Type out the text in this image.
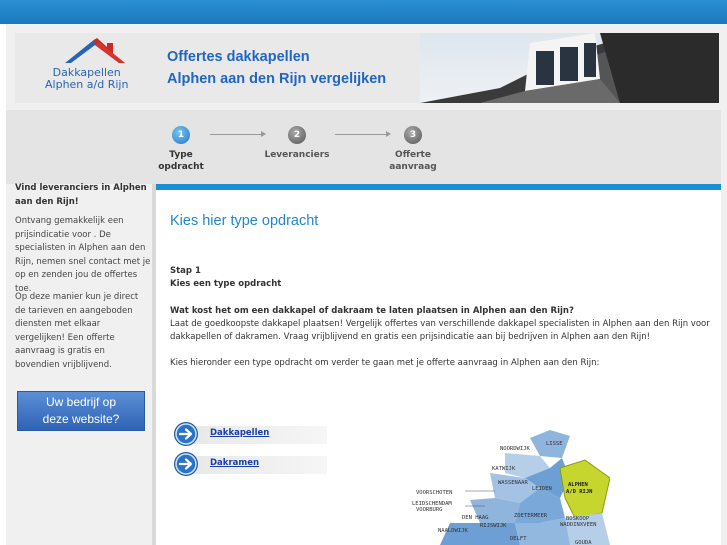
Dakkapellen
Alphen a/d Rijn
Offertes dakkapellen
Alphen aan den Rijn vergelijken
1	2	3
Type
opdracht
Leveranciers	Offerte
aanvraag
Vind leveranciers in Alphen aan den Rijn!
Ontvang gemakkelijk een prijsindicatie voor . De specialisten in Alphen aan den Rijn, nemen snel contact met je op en zenden jou de offertes toe.
Op deze manier kun je direct de tarieven en aangeboden diensten met elkaar vergelijken! Een offerte aanvraag is gratis en bovendien vrijblijvend.
Uw bedrijf op
deze website?
Kies hier type opdracht
Stap 1
Kies een type opdracht
Wat kost het om een dakkapel of dakraam te laten plaatsen in Alphen aan den Rijn?
Laat de goedkoopste dakkapel plaatsen! Vergelijk offertes van verschillende dakkapel specialisten in Alphen aan den Rijn voor dakkapellen of dakramen. Vraag vrijblijvend en gratis een prijsindicatie aan bij bedrijven in Alphen aan den Rijn!
Kies hieronder een type opdracht om verder te gaan met je offerte aanvraag in Alphen aan den Rijn:
Dakkapellen
Dakramen
LISSE
NOORDWIJK
KATWIJK
WASSENAAR
LEIDEN
VOORSCHOTEN
LEIDSCHENDAM
VOORBURG
DEN HAAG	ZOETERMEER
RIJSWIJK
BOSKOOP
WADDINXVEEN
NAALDWIJK
DELFT
GOUDA
ALPHEN
A/D RIJN
